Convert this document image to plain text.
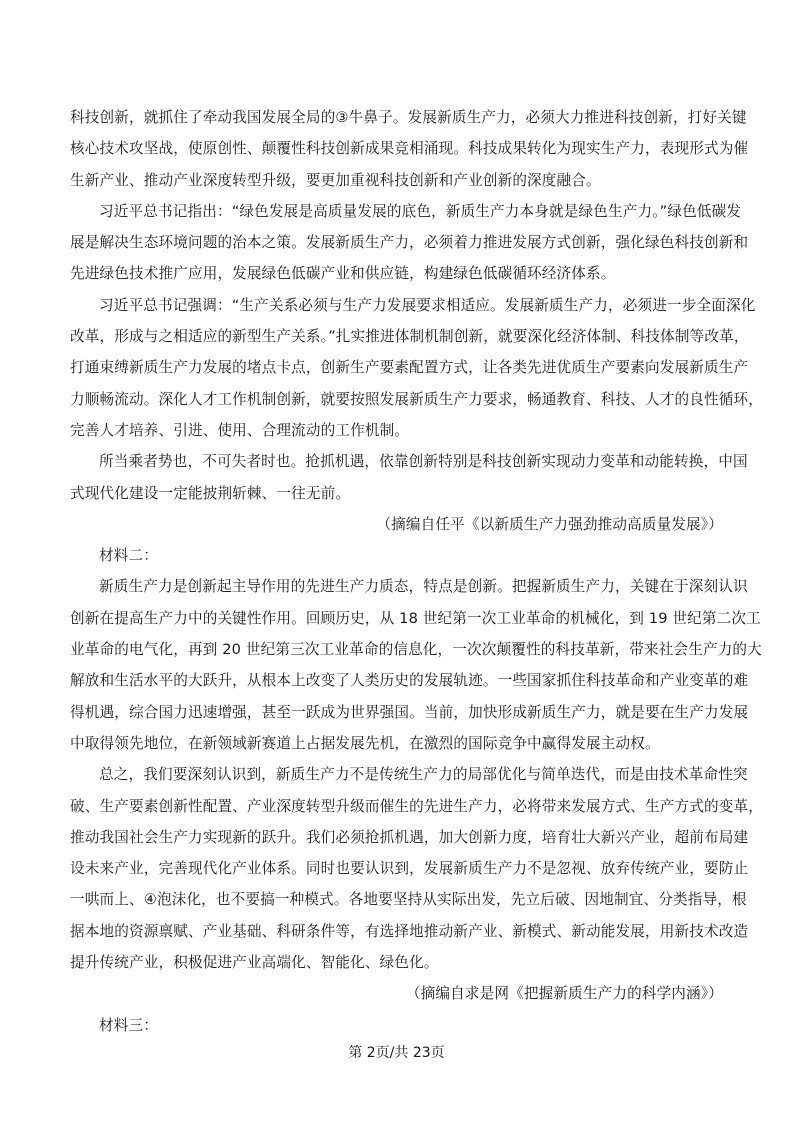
科技创新，就抓住了牵动我国发展全局的③牛鼻子。发展新质生产力，必须大力推进科技创新，打好关键
核心技术攻坚战，使原创性、颠覆性科技创新成果竞相涌现。科技成果转化为现实生产力，表现形式为催
生新产业、推动产业深度转型升级，要更加重视科技创新和产业创新的深度融合。
习近平总书记指出：“绿色发展是高质量发展的底色，新质生产力本身就是绿色生产力。”绿色低碳发
展是解决生态环境问题的治本之策。发展新质生产力，必须着力推进发展方式创新，强化绿色科技创新和
先进绿色技术推广应用，发展绿色低碳产业和供应链，构建绿色低碳循环经济体系。
习近平总书记强调：“生产关系必须与生产力发展要求相适应。发展新质生产力，必须进一步全面深化
改革，形成与之相适应的新型生产关系。”扎实推进体制机制创新，就要深化经济体制、科技体制等改革，
打通束缚新质生产力发展的堵点卡点，创新生产要素配置方式，让各类先进优质生产要素向发展新质生产
力顺畅流动。深化人才工作机制创新，就要按照发展新质生产力要求，畅通教育、科技、人才的良性循环，
完善人才培养、引进、使用、合理流动的工作机制。
所当乘者势也，不可失者时也。抢抓机遇，依靠创新特别是科技创新实现动力变革和动能转换，中国
式现代化建设一定能披荆斩棘、一往无前。
（摘编自任平《以新质生产力强劲推动高质量发展》）
材料二：
新质生产力是创新起主导作用的先进生产力质态，特点是创新。把握新质生产力，关键在于深刻认识
创新在提高生产力中的关键性作用。回顾历史，从 18 世纪第一次工业革命的机械化，到 19 世纪第二次工
业革命的电气化，再到 20 世纪第三次工业革命的信息化，一次次颠覆性的科技革新，带来社会生产力的大
解放和生活水平的大跃升，从根本上改变了人类历史的发展轨迹。一些国家抓住科技革命和产业变革的难
得机遇，综合国力迅速增强，甚至一跃成为世界强国。当前，加快形成新质生产力，就是要在生产力发展
中取得领先地位，在新领域新赛道上占据发展先机，在激烈的国际竞争中赢得发展主动权。
总之，我们要深刻认识到，新质生产力不是传统生产力的局部优化与简单迭代，而是由技术革命性突
破、生产要素创新性配置、产业深度转型升级而催生的先进生产力，必将带来发展方式、生产方式的变革，
推动我国社会生产力实现新的跃升。我们必须抢抓机遇，加大创新力度，培育壮大新兴产业，超前布局建
设未来产业，完善现代化产业体系。同时也要认识到，发展新质生产力不是忽视、放弃传统产业，要防止
一哄而上、④泡沫化，也不要搞一种模式。各地要坚持从实际出发，先立后破、因地制宜、分类指导，根
据本地的资源禀赋、产业基础、科研条件等，有选择地推动新产业、新模式、新动能发展，用新技术改造
提升传统产业，积极促进产业高端化、智能化、绿色化。
（摘编自求是网《把握新质生产力的科学内涵》）
材料三：
第 2页/共 23页
